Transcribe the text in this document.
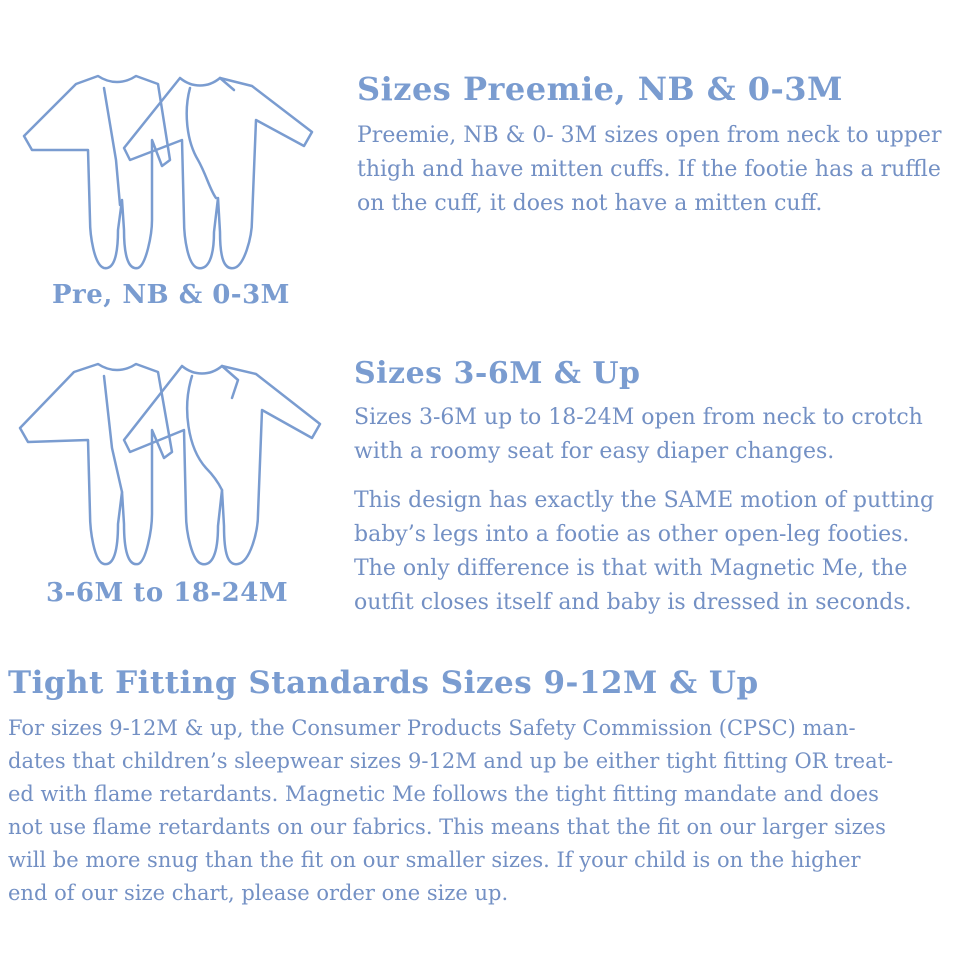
Pre, NB & 0-3M
Sizes Preemie, NB & 0-3M
Preemie, NB & 0- 3M sizes open from neck to upper
thigh and have mitten cuffs. If the footie has a ruffle
on the cuff, it does not have a mitten cuff.
3-6M to 18-24M
Sizes 3-6M & Up
Sizes 3-6M up to 18-24M open from neck to crotch
with a roomy seat for easy diaper changes.
This design has exactly the SAME motion of putting
baby’s legs into a footie as other open-leg footies.
The only difference is that with Magnetic Me, the
outfit closes itself and baby is dressed in seconds.
Tight Fitting Standards Sizes 9-12M & Up
For sizes 9-12M & up, the Consumer Products Safety Commission (CPSC) man-
dates that children’s sleepwear sizes 9-12M and up be either tight fitting OR treat-
ed with flame retardants. Magnetic Me follows the tight fitting mandate and does
not use flame retardants on our fabrics. This means that the fit on our larger sizes
will be more snug than the fit on our smaller sizes. If your child is on the higher
end of our size chart, please order one size up.
